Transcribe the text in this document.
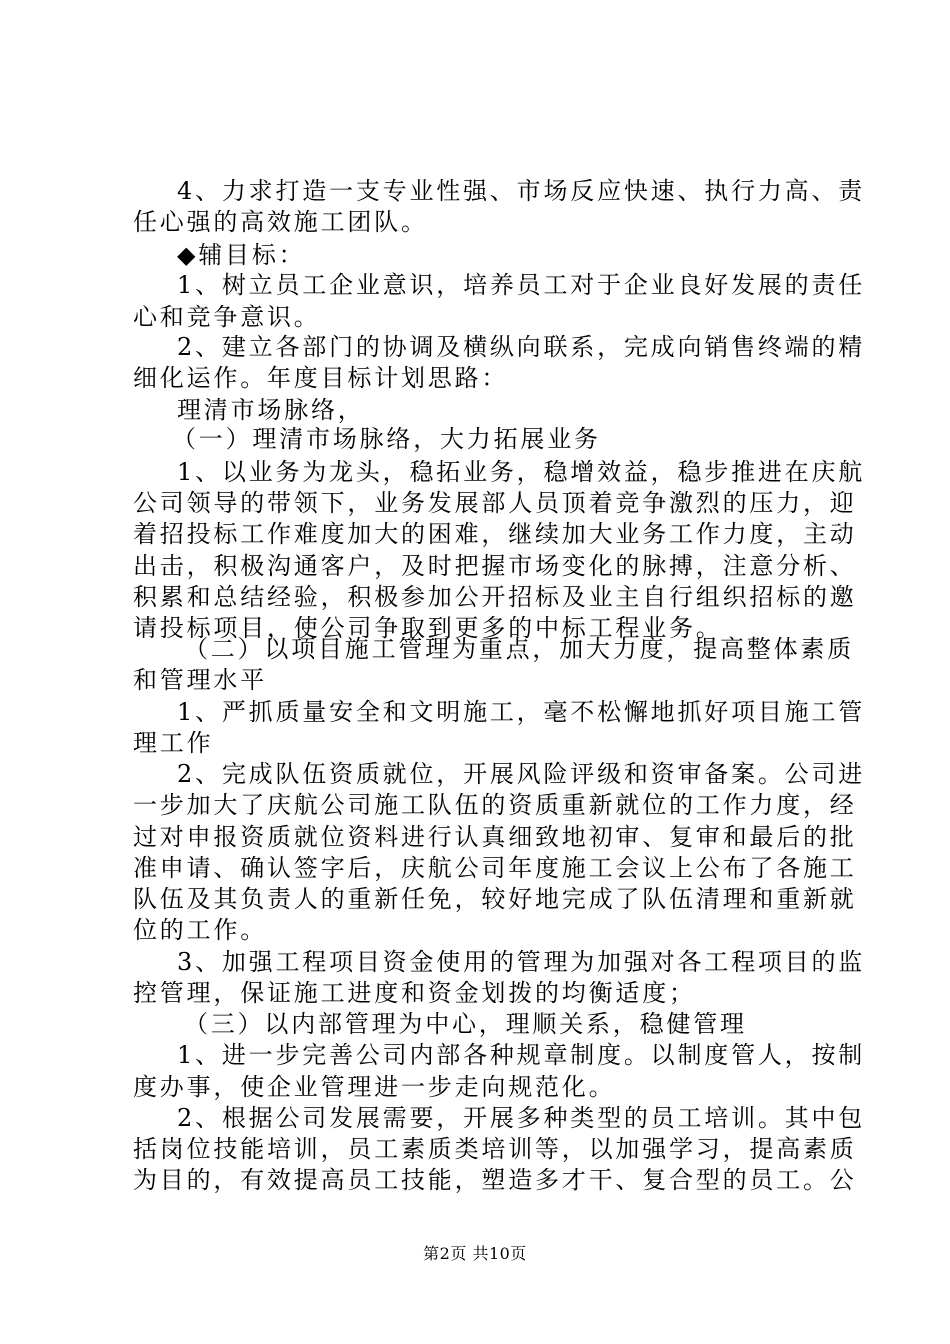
4、力求打造一支专业性强、市场反应快速、执行力高、责
任心强的高效施工团队。
◆辅目标：
1、树立员工企业意识，培养员工对于企业良好发展的责任
心和竞争意识。
2、建立各部门的协调及横纵向联系，完成向销售终端的精
细化运作。年度目标计划思路：
理清市场脉络，
（一）理清市场脉络，大力拓展业务
1、以业务为龙头，稳拓业务，稳增效益，稳步推进在庆航
公司领导的带领下，业务发展部人员顶着竞争激烈的压力，迎
着招投标工作难度加大的困难，继续加大业务工作力度，主动
出击，积极沟通客户，及时把握市场变化的脉搏，注意分析、
积累和总结经验，积极参加公开招标及业主自行组织招标的邀
请投标项目，使公司争取到更多的中标工程业务。
（二）以项目施工管理为重点，加大力度，提高整体素质
和管理水平
1、严抓质量安全和文明施工，毫不松懈地抓好项目施工管
理工作
2、完成队伍资质就位，开展风险评级和资审备案。公司进
一步加大了庆航公司施工队伍的资质重新就位的工作力度，经
过对申报资质就位资料进行认真细致地初审、复审和最后的批
准申请、确认签字后，庆航公司年度施工会议上公布了各施工
队伍及其负责人的重新任免，较好地完成了队伍清理和重新就
位的工作。
3、加强工程项目资金使用的管理为加强对各工程项目的监
控管理，保证施工进度和资金划拨的均衡适度；
（三）以内部管理为中心，理顺关系，稳健管理
1、进一步完善公司内部各种规章制度。以制度管人，按制
度办事，使企业管理进一步走向规范化。
2、根据公司发展需要，开展多种类型的员工培训。其中包
括岗位技能培训，员工素质类培训等，以加强学习，提高素质
为目的，有效提高员工技能，塑造多才干、复合型的员工。公
第2页 共10页
